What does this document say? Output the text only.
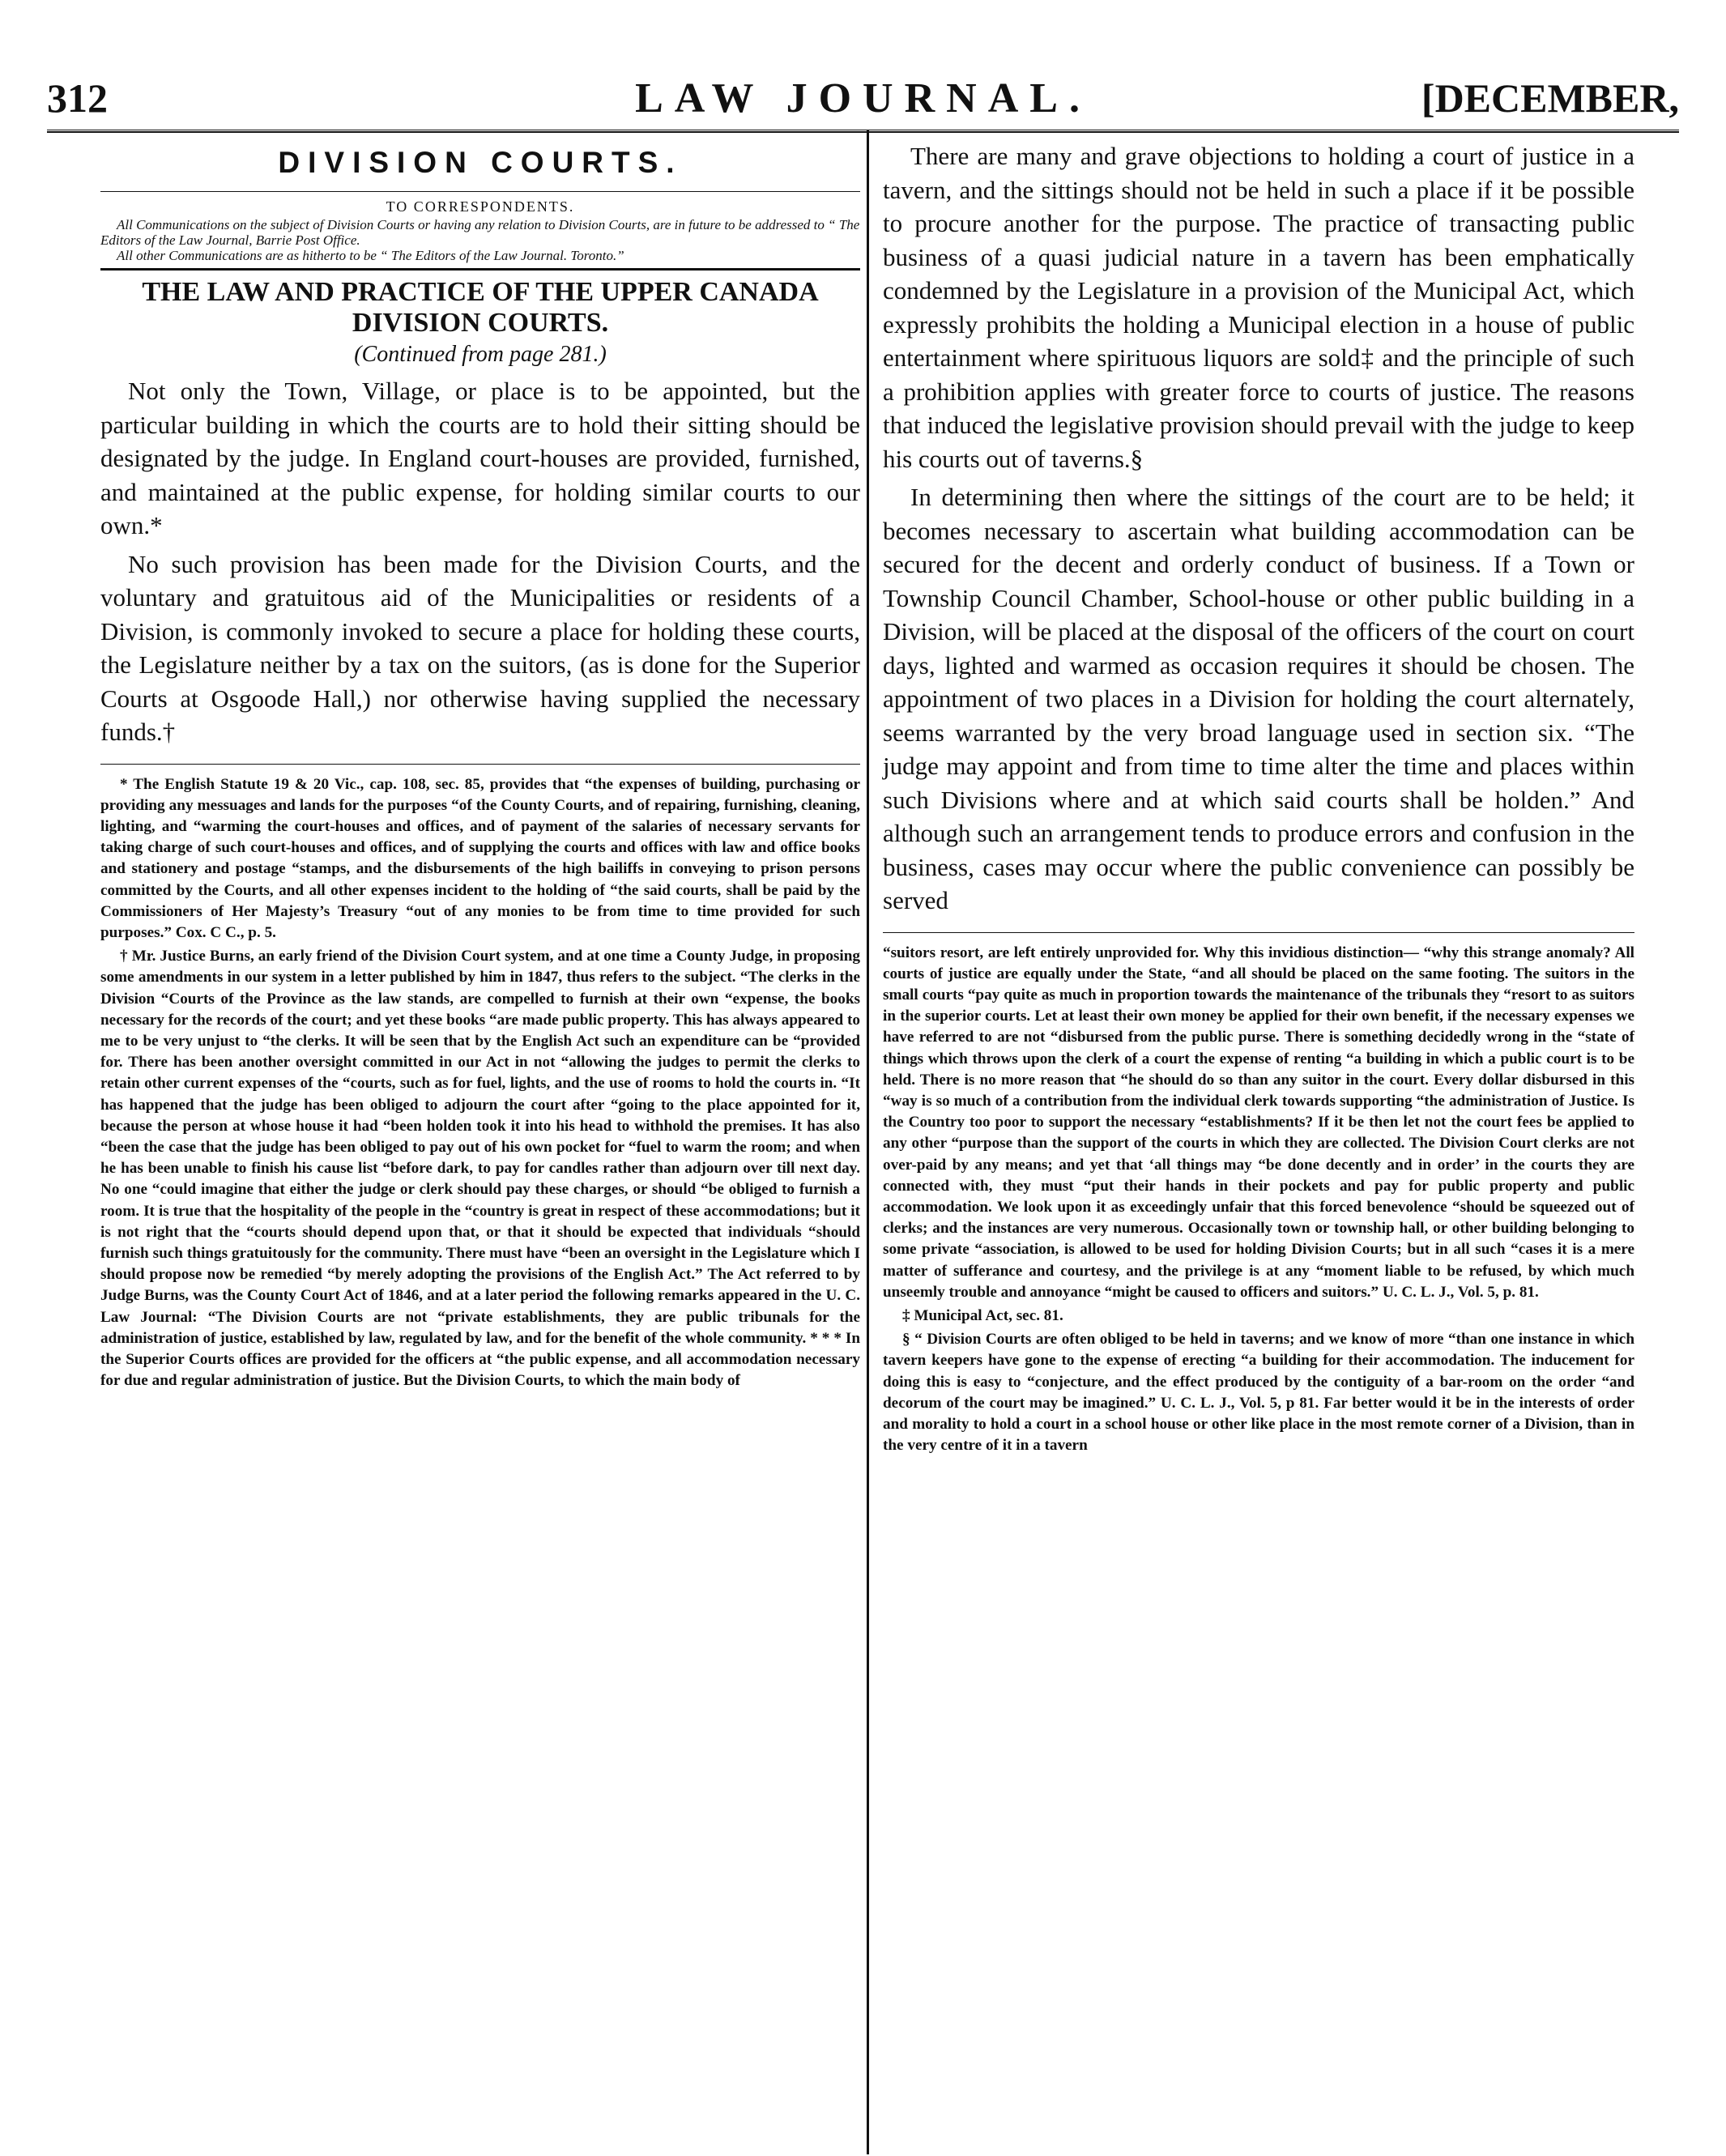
312	LAW JOURNAL.	[DECEMBER,
DIVISION COURTS.
TO CORRESPONDENTS.

All Communications on the subject of Division Courts or having any relation to Division Courts, are in future to be addressed to “ The Editors of the Law Journal, Barrie Post Office.

All other Communications are as hitherto to be “ The Editors of the Law Journal. Toronto.”

THE LAW AND PRACTICE OF THE UPPER CANADA DIVISION COURTS.
(Continued from page 281.)

Not only the Town, Village, or place is to be appointed, but the particular building in which the courts are to hold their sitting should be designated by the judge. In England court-houses are provided, furnished, and maintained at the public expense, for holding similar courts to our own.*

No such provision has been made for the Division Courts, and the voluntary and gratuitous aid of the Municipalities or residents of a Division, is commonly invoked to secure a place for holding these courts, the Legislature neither by a tax on the suitors, (as is done for the Superior Courts at Osgoode Hall,) nor otherwise having supplied the necessary funds.†

* The English Statute 19 & 20 Vic., cap. 108, sec. 85, provides that “the expenses of building, purchasing or providing any messuages and lands for the purposes “of the County Courts, and of repairing, furnishing, cleaning, lighting, and “warming the court-houses and offices, and of payment of the salaries of necessary servants for taking charge of such court-houses and offices, and of supplying the courts and offices with law and office books and stationery and postage “stamps, and the disbursements of the high bailiffs in conveying to prison persons committed by the Courts, and all other expenses incident to the holding of “the said courts, shall be paid by the Commissioners of Her Majesty’s Treasury “out of any monies to be from time to time provided for such purposes.” Cox. C C., p. 5.

† Mr. Justice Burns, an early friend of the Division Court system, and at one time a County Judge, in proposing some amendments in our system in a letter published by him in 1847, thus refers to the subject. “The clerks in the Division “Courts of the Province as the law stands, are compelled to furnish at their own “expense, the books necessary for the records of the court; and yet these books “are made public property. This has always appeared to me to be very unjust to “the clerks. It will be seen that by the English Act such an expenditure can be “provided for. There has been another oversight committed in our Act in not “allowing the judges to permit the clerks to retain other current expenses of the “courts, such as for fuel, lights, and the use of rooms to hold the courts in. “It has happened that the judge has been obliged to adjourn the court after “going to the place appointed for it, because the person at whose house it had “been holden took it into his head to withhold the premises. It has also “been the case that the judge has been obliged to pay out of his own pocket for “fuel to warm the room; and when he has been unable to finish his cause list “before dark, to pay for candles rather than adjourn over till next day. No one “could imagine that either the judge or clerk should pay these charges, or should “be obliged to furnish a room. It is true that the hospitality of the people in the “country is great in respect of these accommodations; but it is not right that the “courts should depend upon that, or that it should be expected that individuals “should furnish such things gratuitously for the community. There must have “been an oversight in the Legislature which I should propose now be remedied “by merely adopting the provisions of the English Act.” The Act referred to by Judge Burns, was the County Court Act of 1846, and at a later period the following remarks appeared in the U. C. Law Journal: “The Division Courts are not “private establishments, they are public tribunals for the administration of justice, established by law, regulated by law, and for the benefit of the whole community. * * * In the Superior Courts offices are provided for the officers at “the public expense, and all accommodation necessary for due and regular administration of justice. But the Division Courts, to which the main body of

There are many and grave objections to holding a court of justice in a tavern, and the sittings should not be held in such a place if it be possible to procure another for the purpose. The practice of transacting public business of a quasi judicial nature in a tavern has been emphatically condemned by the Legislature in a provision of the Municipal Act, which expressly prohibits the holding a Municipal election in a house of public entertainment where spirituous liquors are sold‡ and the principle of such a prohibition applies with greater force to courts of justice. The reasons that induced the legislative provision should prevail with the judge to keep his courts out of taverns.§

In determining then where the sittings of the court are to be held; it becomes necessary to ascertain what building accommodation can be secured for the decent and orderly conduct of business. If a Town or Township Council Chamber, School-house or other public building in a Division, will be placed at the disposal of the officers of the court on court days, lighted and warmed as occasion requires it should be chosen. The appointment of two places in a Division for holding the court alternately, seems warranted by the very broad language used in section six. “The judge may appoint and from time to time alter the time and places within such Divisions where and at which said courts shall be holden.” And although such an arrangement tends to produce errors and confusion in the business, cases may occur where the public convenience can possibly be served

“suitors resort, are left entirely unprovided for. Why this invidious distinction— “why this strange anomaly? All courts of justice are equally under the State, “and all should be placed on the same footing. The suitors in the small courts “pay quite as much in proportion towards the maintenance of the tribunals they “resort to as suitors in the superior courts. Let at least their own money be applied for their own benefit, if the necessary expenses we have referred to are not “disbursed from the public purse. There is something decidedly wrong in the “state of things which throws upon the clerk of a court the expense of renting “a building in which a public court is to be held. There is no more reason that “he should do so than any suitor in the court. Every dollar disbursed in this “way is so much of a contribution from the individual clerk towards supporting “the administration of Justice. Is the Country too poor to support the necessary “establishments? If it be then let not the court fees be applied to any other “purpose than the support of the courts in which they are collected. The Division Court clerks are not over-paid by any means; and yet that ‘all things may “be done decently and in order’ in the courts they are connected with, they must “put their hands in their pockets and pay for public property and public accommodation. We look upon it as exceedingly unfair that this forced benevolence “should be squeezed out of clerks; and the instances are very numerous. Occasionally town or township hall, or other building belonging to some private “association, is allowed to be used for holding Division Courts; but in all such “cases it is a mere matter of sufferance and courtesy, and the privilege is at any “moment liable to be refused, by which much unseemly trouble and annoyance “might be caused to officers and suitors.” U. C. L. J., Vol. 5, p. 81.

‡ Municipal Act, sec. 81.

§ “ Division Courts are often obliged to be held in taverns; and we know of more “than one instance in which tavern keepers have gone to the expense of erecting “a building for their accommodation. The inducement for doing this is easy to “conjecture, and the effect produced by the contiguity of a bar-room on the order “and decorum of the court may be imagined.” U. C. L. J., Vol. 5, p 81. Far better would it be in the interests of order and morality to hold a court in a school house or other like place in the most remote corner of a Division, than in the very centre of it in a tavern
